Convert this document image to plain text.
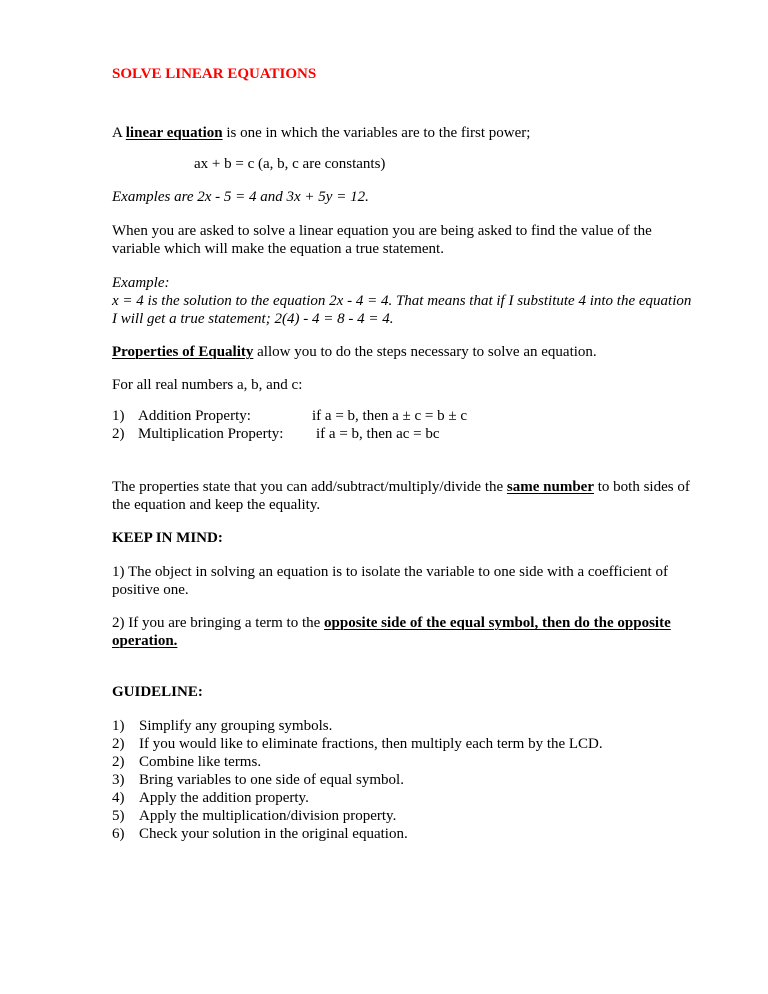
SOLVE LINEAR EQUATIONS
A linear equation is one in which the variables are to the first power;
ax + b = c (a, b, c are constants)
Examples are 2x - 5 = 4 and 3x + 5y = 12.
When you are asked to solve a linear equation you are being asked to find the value of the
variable which will make the equation a true statement.
Example:
x = 4 is the solution to the equation 2x - 4 = 4. That means that if I substitute 4 into the equation
I will get a true statement; 2(4) - 4 = 8 - 4 = 4.
Properties of Equality allow you to do the steps necessary to solve an equation.
For all real numbers a, b, and c:
1) Addition Property:	if a = b, then a ± c = b ± c
2) Multiplication Property: if a = b, then ac = bc
The properties state that you can add/subtract/multiply/divide the same number to both sides of
the equation and keep the equality.
KEEP IN MIND:
1) The object in solving an equation is to isolate the variable to one side with a coefficient of
positive one.
2) If you are bringing a term to the opposite side of the equal symbol, then do the opposite
operation.
GUIDELINE:
1) Simplify any grouping symbols.
2) If you would like to eliminate fractions, then multiply each term by the LCD.
2) Combine like terms.
3) Bring variables to one side of equal symbol.
4) Apply the addition property.
5) Apply the multiplication/division property.
6) Check your solution in the original equation.
